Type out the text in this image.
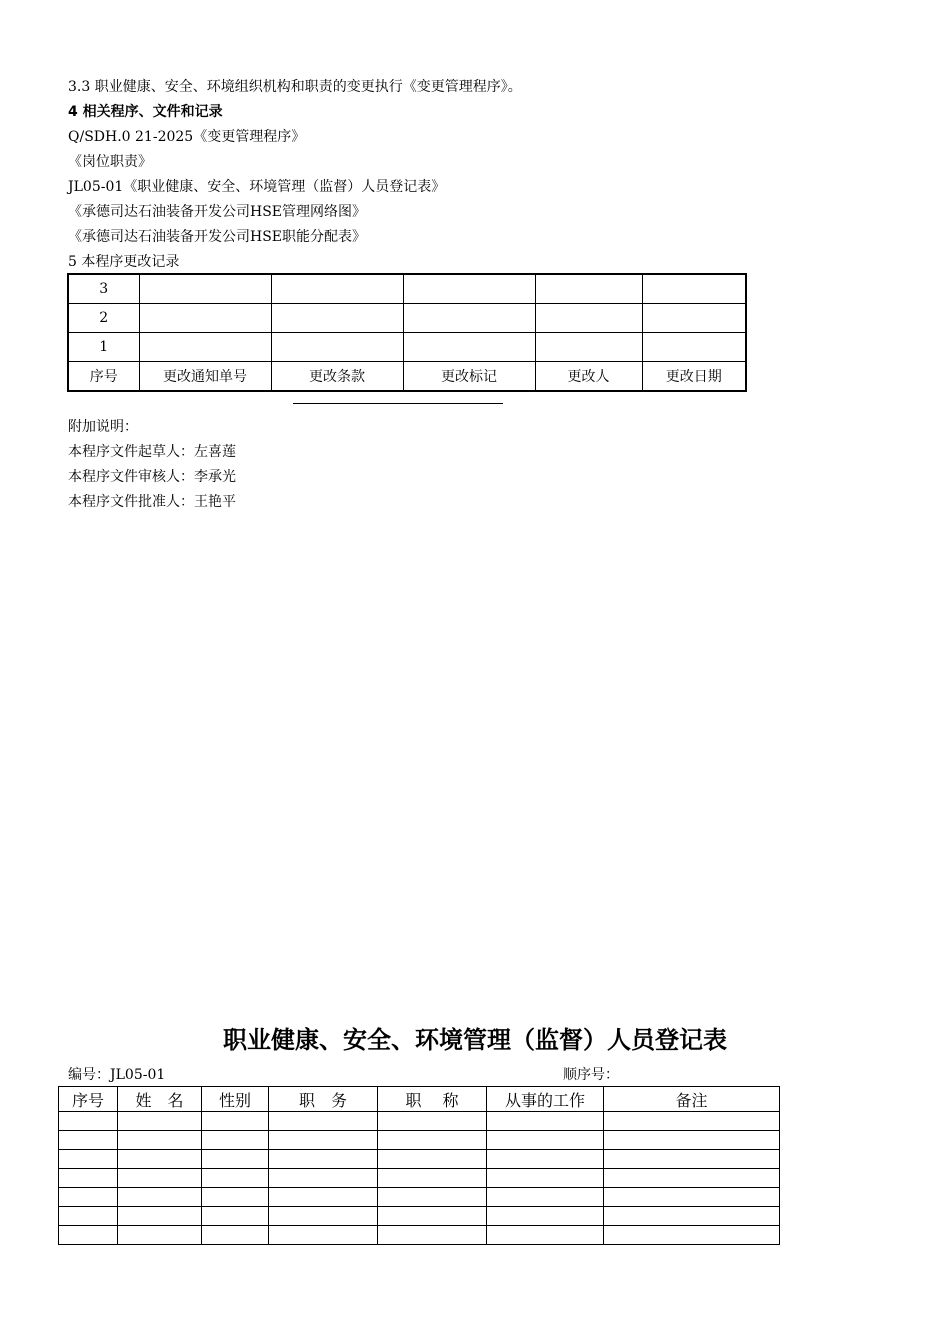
3.3 职业健康、安全、环境组织机构和职责的变更执行《变更管理程序》。
4 相关程序、文件和记录
Q/SDH.0 21-2025《变更管理程序》
《岗位职责》
JL05-01《职业健康、安全、环境管理（监督）人员登记表》
《承德司达石油装备开发公司HSE管理网络图》
《承德司达石油装备开发公司HSE职能分配表》
5 本程序更改记录
3					
2					
1					
序号	更改通知单号	更改条款	更改标记	更改人	更改日期
附加说明：
本程序文件起草人：左喜莲
本程序文件审核人：李承光
本程序文件批准人：王艳平
职业健康、安全、环境管理（监督）人员登记表
编号：JL05-01	顺序号：
序号	姓　名	性别	职　务	职　 称	从事的工作	备注
